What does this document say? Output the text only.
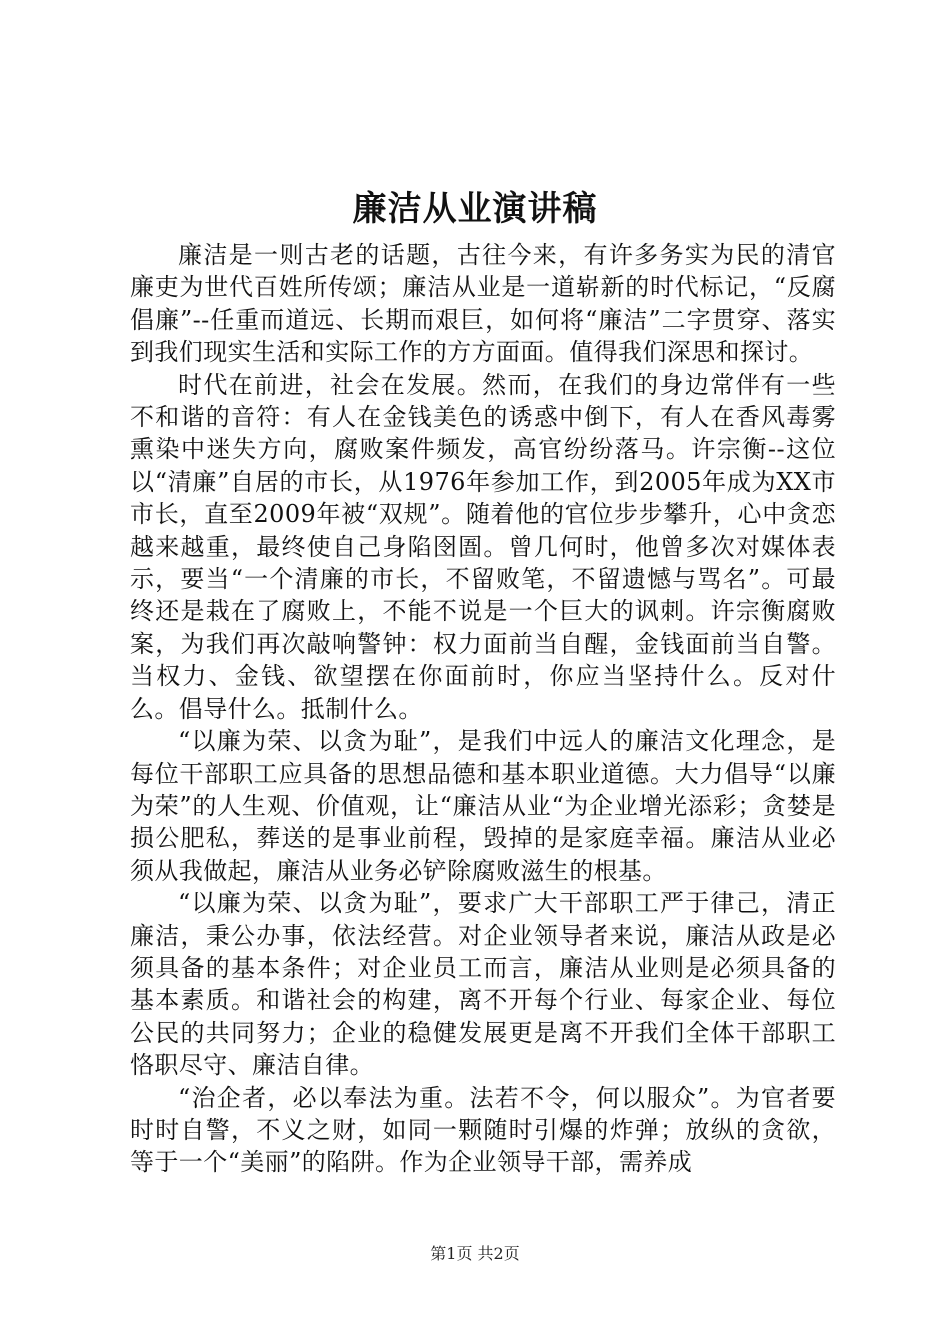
廉洁从业演讲稿

廉洁是一则古老的话题，古往今来，有许多务实为民的清官廉吏为世代百姓所传颂；廉洁从业是一道崭新的时代标记，“反腐倡廉”--任重而道远、长期而艰巨，如何将“廉洁”二字贯穿、落实到我们现实生活和实际工作的方方面面。值得我们深思和探讨。

时代在前进，社会在发展。然而，在我们的身边常伴有一些不和谐的音符：有人在金钱美色的诱惑中倒下，有人在香风毒雾熏染中迷失方向，腐败案件频发，高官纷纷落马。许宗衡--这位以“清廉”自居的市长，从1976年参加工作，到2005年成为XX市市长，直至2009年被“双规”。随着他的官位步步攀升，心中贪恋越来越重，最终使自己身陷囹圄。曾几何时，他曾多次对媒体表示，要当“一个清廉的市长，不留败笔，不留遗憾与骂名”。可最终还是栽在了腐败上，不能不说是一个巨大的讽刺。许宗衡腐败案，为我们再次敲响警钟：权力面前当自醒，金钱面前当自警。当权力、金钱、欲望摆在你面前时，你应当坚持什么。反对什么。倡导什么。抵制什么。

“以廉为荣、以贪为耻”，是我们中远人的廉洁文化理念，是每位干部职工应具备的思想品德和基本职业道德。大力倡导“以廉为荣”的人生观、价值观，让“廉洁从业“为企业增光添彩；贪婪是损公肥私，葬送的是事业前程，毁掉的是家庭幸福。廉洁从业必须从我做起，廉洁从业务必铲除腐败滋生的根基。

“以廉为荣、以贪为耻”，要求广大干部职工严于律己，清正廉洁，秉公办事，依法经营。对企业领导者来说，廉洁从政是必须具备的基本条件；对企业员工而言，廉洁从业则是必须具备的基本素质。和谐社会的构建，离不开每个行业、每家企业、每位公民的共同努力；企业的稳健发展更是离不开我们全体干部职工恪职尽守、廉洁自律。

“治企者，必以奉法为重。法若不令，何以服众”。为官者要时时自警，不义之财，如同一颗随时引爆的炸弹；放纵的贪欲，等于一个“美丽”的陷阱。作为企业领导干部，需养成

第1页 共2页
